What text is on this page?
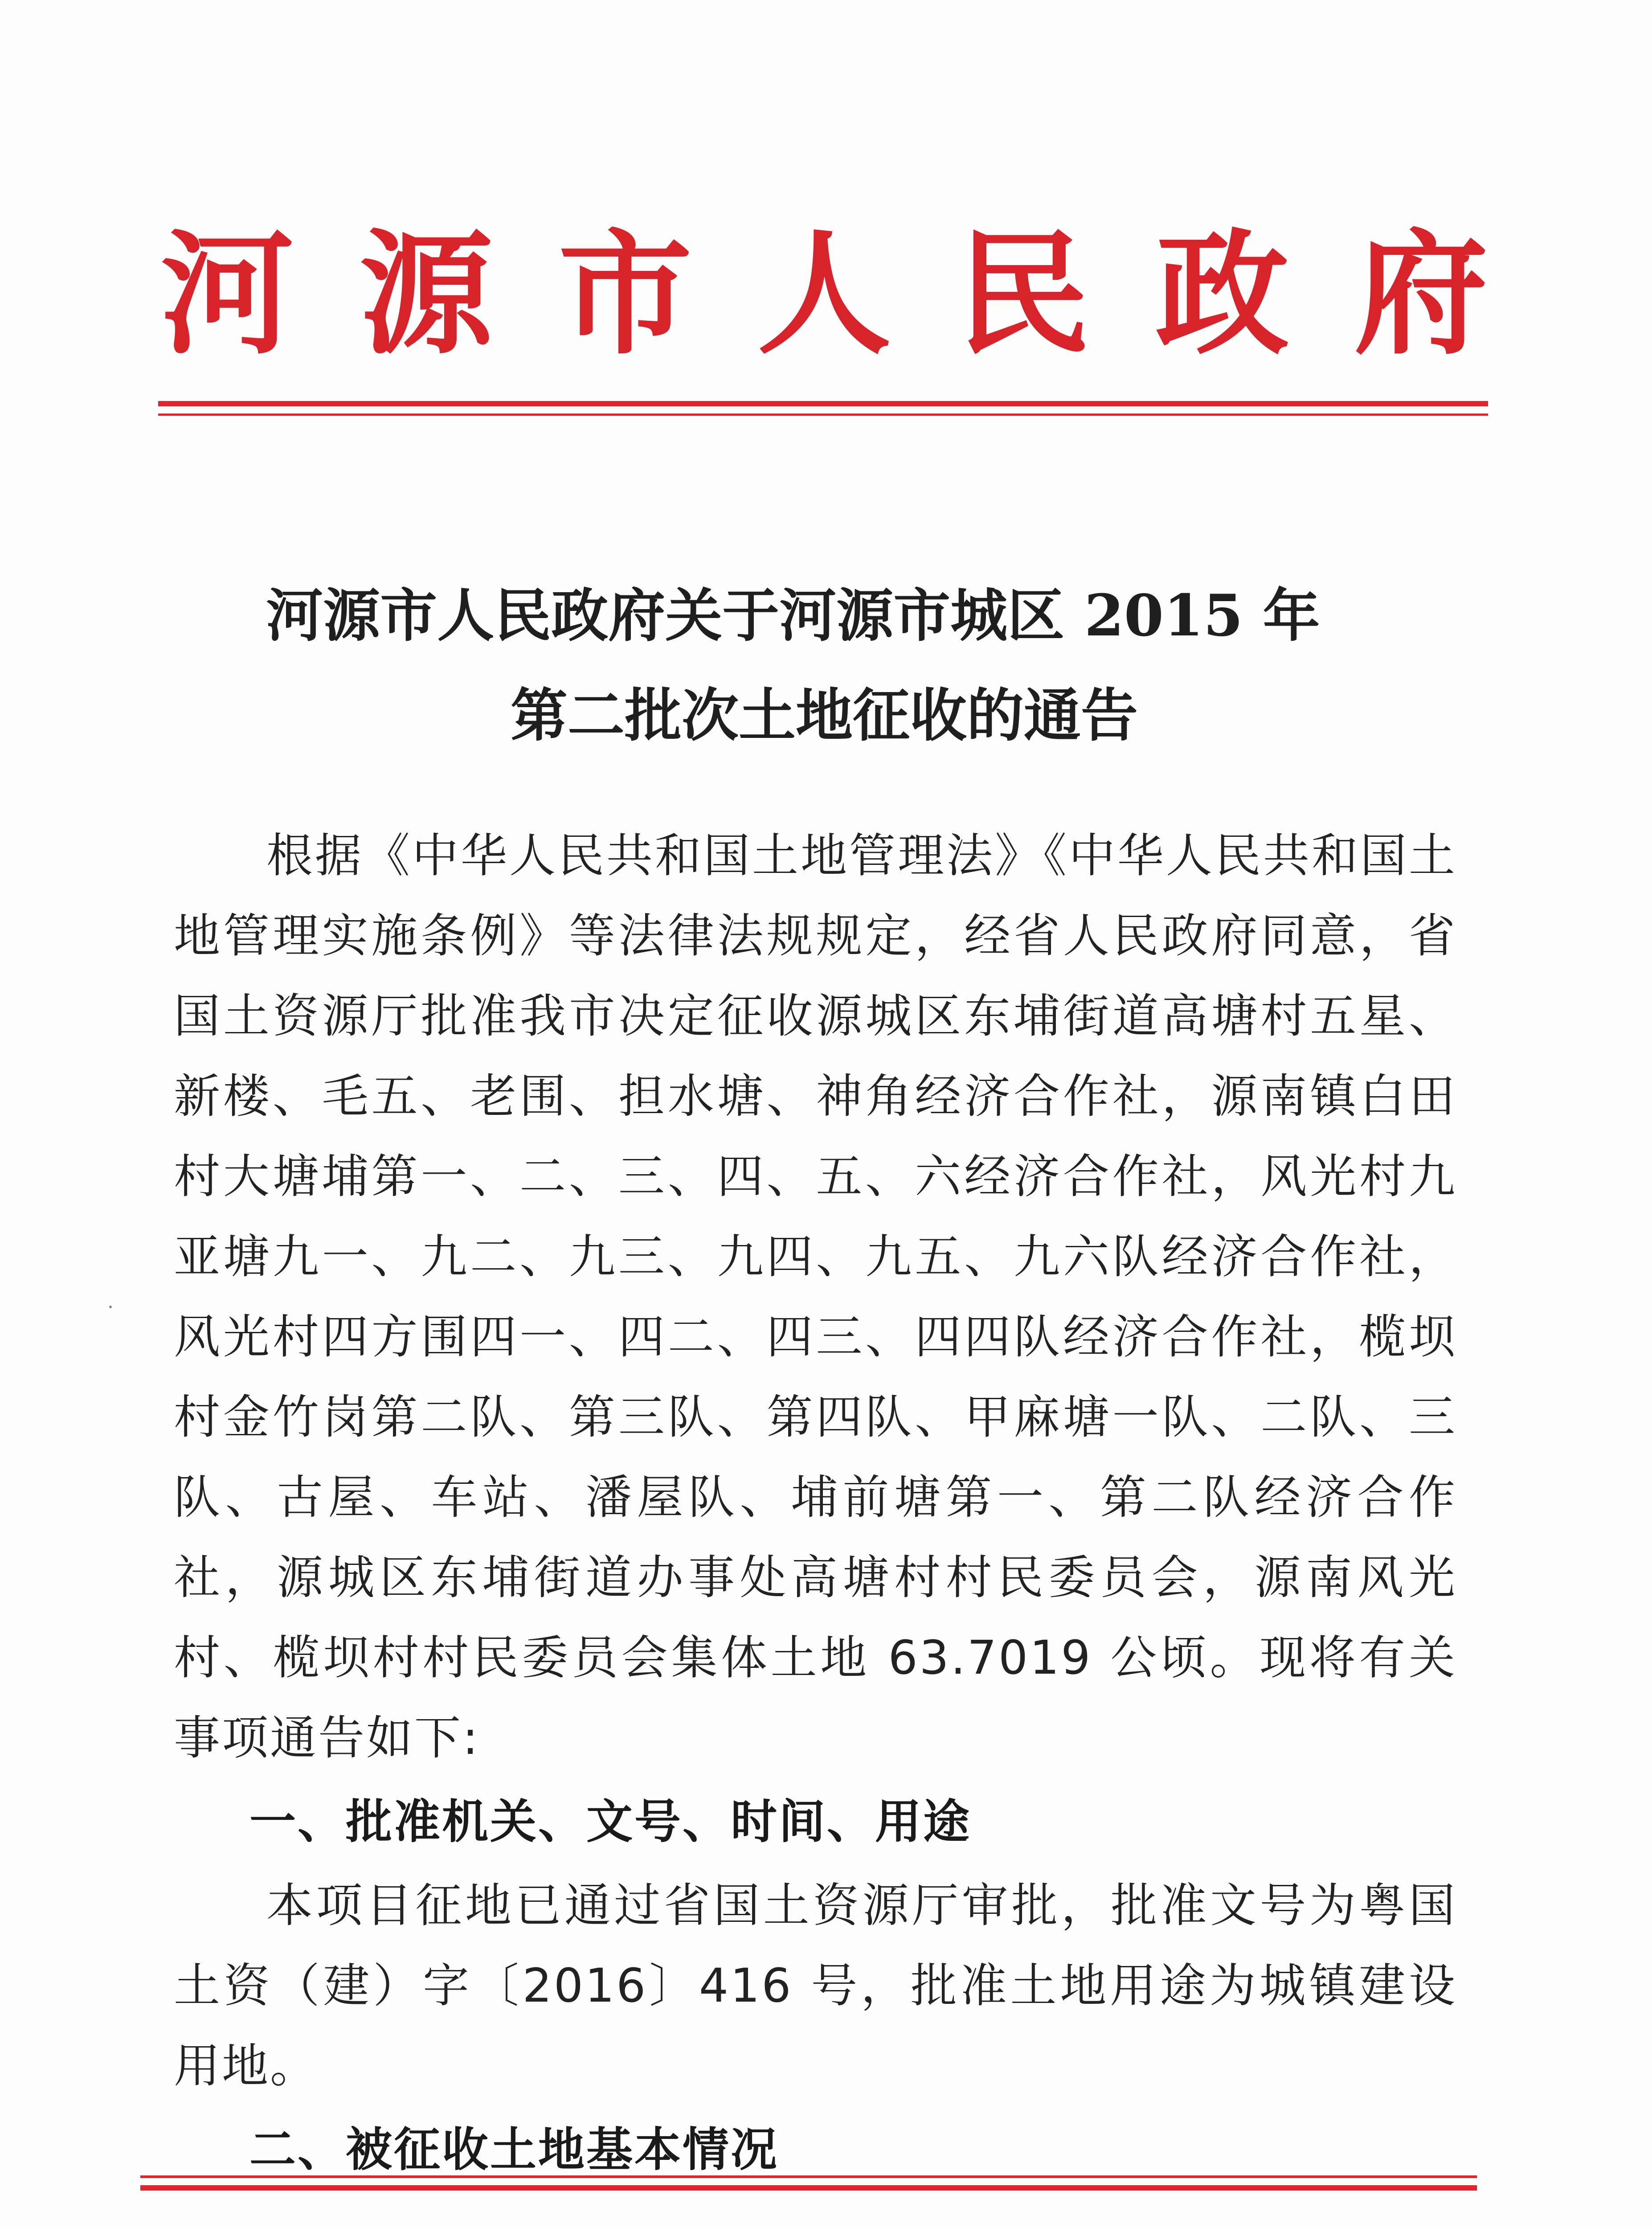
河 源 市 人 民 政 府
河源市人民政府关于河源市城区 2015 年
第二批次土地征收的通告

根据《中华人民共和国土地管理法》《中华人民共和国土地管理实施条例》等法律法规规定，经省人民政府同意，省国土资源厅批准我市决定征收源城区东埔街道高塘村五星、新楼、毛五、老围、担水塘、神角经济合作社，源南镇白田村大塘埔第一、二、三、四、五、六经济合作社，风光村九亚塘九一、九二、九三、九四、九五、九六队经济合作社，风光村四方围四一、四二、四三、四四队经济合作社，榄坝村金竹岗第二队、第三队、第四队、甲麻塘一队、二队、三队、古屋、车站、潘屋队、埔前塘第一、第二队经济合作社，源城区东埔街道办事处高塘村村民委员会，源南风光村、榄坝村村民委员会集体土地 63.7019 公顷。现将有关事项通告如下:

一、批准机关、文号、时间、用途

本项目征地已通过省国土资源厅审批，批准文号为粤国土资（建）字〔2016〕416 号，批准土地用途为城镇建设用地。

二、被征收土地基本情况
